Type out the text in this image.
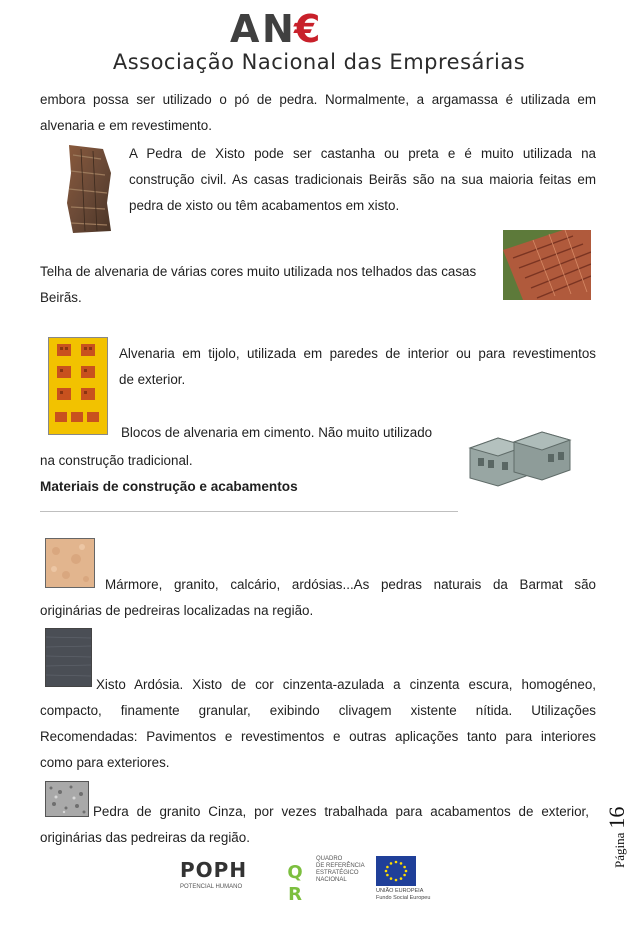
A N €
Associação Nacional das Empresárias
embora possa ser utilizado o pó de pedra. Normalmente, a argamassa é utilizada em
alvenaria e em revestimento.
A Pedra de Xisto pode ser castanha ou preta e é muito utilizada na
construção civil. As casas tradicionais Beirãs são na sua maioria feitas em
pedra de xisto ou têm acabamentos em xisto.
Telha de alvenaria de várias cores muito utilizada nos telhados das casas
Beirãs.
Alvenaria em tijolo, utilizada em paredes de interior ou para revestimentos
de exterior.
Blocos de alvenaria em cimento. Não muito utilizado
na construção tradicional.
Materiais de construção e acabamentos
Mármore, granito, calcário, ardósias...As pedras naturais da Barmat são
originárias de pedreiras localizadas na região.
Xisto Ardósia. Xisto de cor cinzenta-azulada a cinzenta escura, homogéneo,
compacto, finamente granular, exibindo clivagem xistente nítida. Utilizações
Recomendadas: Pavimentos e revestimentos e outras aplicações tanto para interiores
como para exteriores.
Pedra de granito Cinza, por vezes trabalhada para acabamentos de exterior,
originárias das pedreiras da região.	Página 16
POPH
POTENCIAL HUMANO
Q
R
QUADRO
DE REFERÊNCIA
ESTRATÉGICO
NACIONAL
UNIÃO EUROPEIA
Fundo Social Europeu
